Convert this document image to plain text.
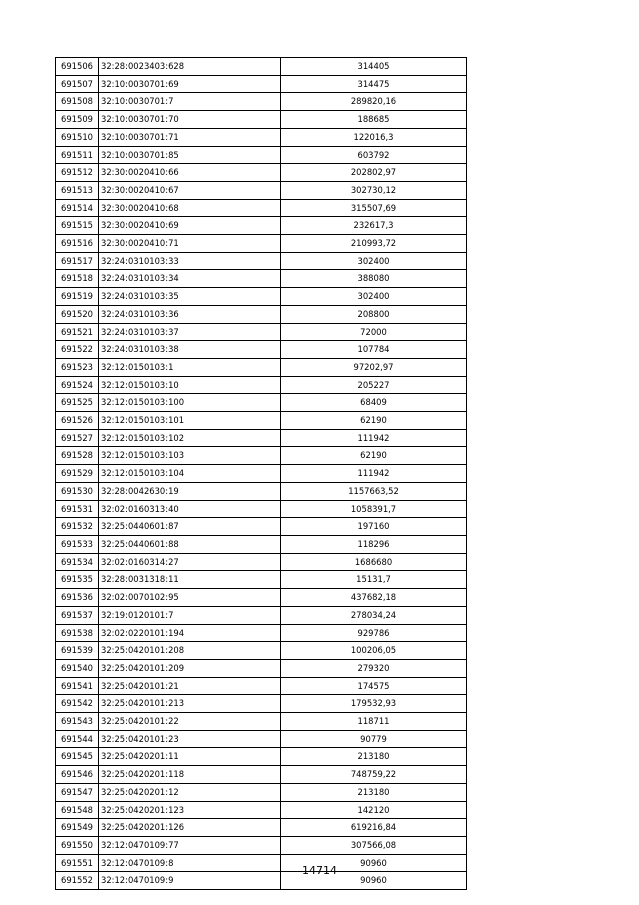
691506	32:28:0023403:628	314405
691507	32:10:0030701:69	314475
691508	32:10:0030701:7	289820,16
691509	32:10:0030701:70	188685
691510	32:10:0030701:71	122016,3
691511	32:10:0030701:85	603792
691512	32:30:0020410:66	202802,97
691513	32:30:0020410:67	302730,12
691514	32:30:0020410:68	315507,69
691515	32:30:0020410:69	232617,3
691516	32:30:0020410:71	210993,72
691517	32:24:0310103:33	302400
691518	32:24:0310103:34	388080
691519	32:24:0310103:35	302400
691520	32:24:0310103:36	208800
691521	32:24:0310103:37	72000
691522	32:24:0310103:38	107784
691523	32:12:0150103:1	97202,97
691524	32:12:0150103:10	205227
691525	32:12:0150103:100	68409
691526	32:12:0150103:101	62190
691527	32:12:0150103:102	111942
691528	32:12:0150103:103	62190
691529	32:12:0150103:104	111942
691530	32:28:0042630:19	1157663,52
691531	32:02:0160313:40	1058391,7
691532	32:25:0440601:87	197160
691533	32:25:0440601:88	118296
691534	32:02:0160314:27	1686680
691535	32:28:0031318:11	15131,7
691536	32:02:0070102:95	437682,18
691537	32:19:0120101:7	278034,24
691538	32:02:0220101:194	929786
691539	32:25:0420101:208	100206,05
691540	32:25:0420101:209	279320
691541	32:25:0420101:21	174575
691542	32:25:0420101:213	179532,93
691543	32:25:0420101:22	118711
691544	32:25:0420101:23	90779
691545	32:25:0420201:11	213180
691546	32:25:0420201:118	748759,22
691547	32:25:0420201:12	213180
691548	32:25:0420201:123	142120
691549	32:25:0420201:126	619216,84
691550	32:12:0470109:77	307566,08
691551	32:12:0470109:8	90960
691552	32:12:0470109:9	90960
14714
